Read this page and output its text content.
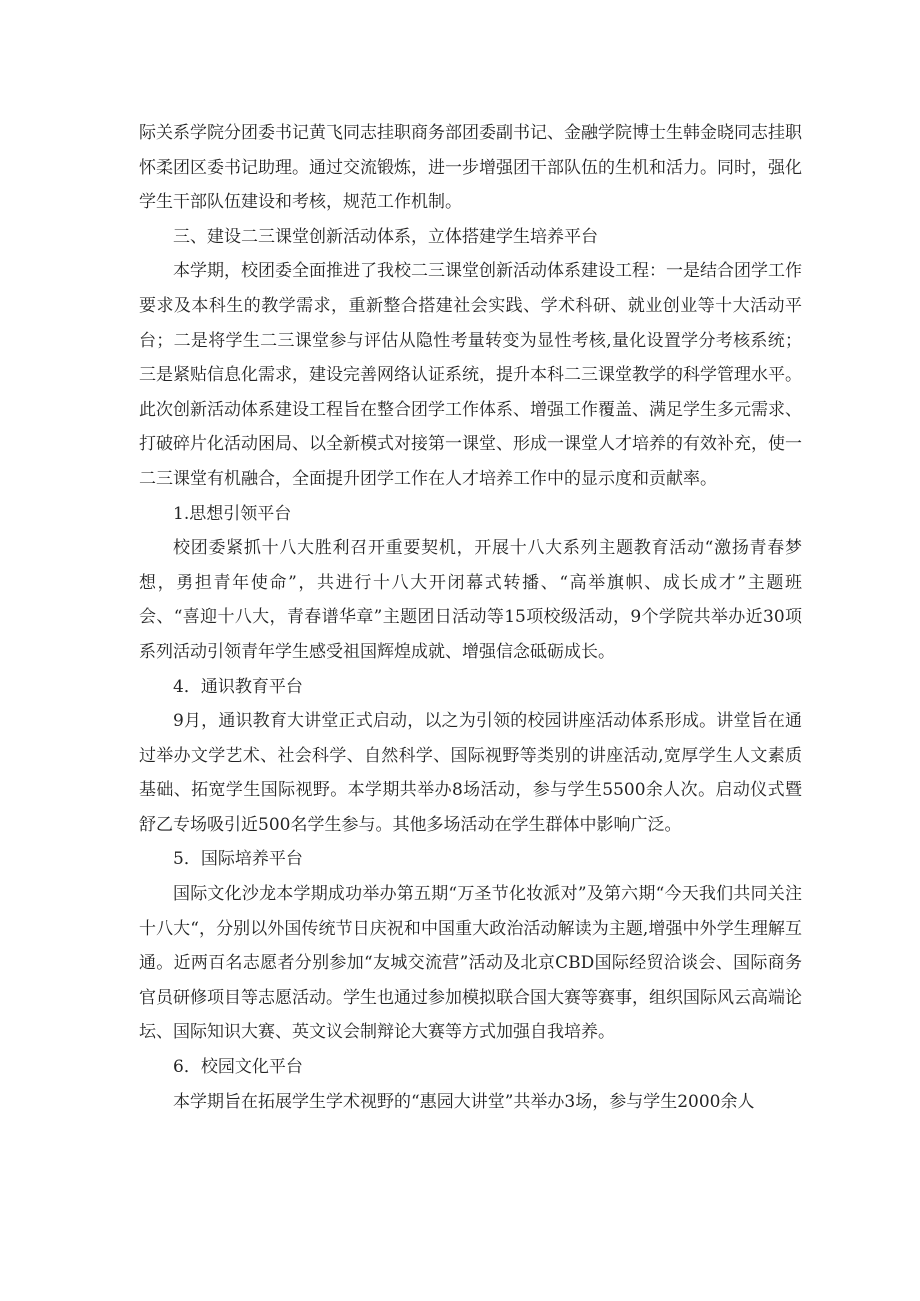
际关系学院分团委书记黄飞同志挂职商务部团委副书记、金融学院博士生韩金晓同志挂职怀柔团区委书记助理。通过交流锻炼，进一步增强团干部队伍的生机和活力。同时，强化学生干部队伍建设和考核，规范工作机制。

三、建设二三课堂创新活动体系，立体搭建学生培养平台

本学期，校团委全面推进了我校二三课堂创新活动体系建设工程：一是结合团学工作要求及本科生的教学需求，重新整合搭建社会实践、学术科研、就业创业等十大活动平台；二是将学生二三课堂参与评估从隐性考量转变为显性考核,量化设置学分考核系统；三是紧贴信息化需求，建设完善网络认证系统，提升本科二三课堂教学的科学管理水平。此次创新活动体系建设工程旨在整合团学工作体系、增强工作覆盖、满足学生多元需求、打破碎片化活动困局、以全新模式对接第一课堂、形成一课堂人才培养的有效补充，使一二三课堂有机融合，全面提升团学工作在人才培养工作中的显示度和贡献率。

1.思想引领平台

校团委紧抓十八大胜利召开重要契机，开展十八大系列主题教育活动“激扬青春梦想，勇担青年使命”，共进行十八大开闭幕式转播、“高举旗帜、成长成才”主题班会、“喜迎十八大，青春谱华章”主题团日活动等15项校级活动，9个学院共举办近30项系列活动引领青年学生感受祖国辉煌成就、增强信念砥砺成长。

4．通识教育平台

9月，通识教育大讲堂正式启动，以之为引领的校园讲座活动体系形成。讲堂旨在通过举办文学艺术、社会科学、自然科学、国际视野等类别的讲座活动,宽厚学生人文素质基础、拓宽学生国际视野。本学期共举办8场活动，参与学生5500余人次。启动仪式暨舒乙专场吸引近500名学生参与。其他多场活动在学生群体中影响广泛。

5．国际培养平台

国际文化沙龙本学期成功举办第五期“万圣节化妆派对”及第六期“今天我们共同关注十八大“，分别以外国传统节日庆祝和中国重大政治活动解读为主题,增强中外学生理解互通。近两百名志愿者分别参加“友城交流营”活动及北京CBD国际经贸洽谈会、国际商务官员研修项目等志愿活动。学生也通过参加模拟联合国大赛等赛事，组织国际风云高端论坛、国际知识大赛、英文议会制辩论大赛等方式加强自我培养。

6．校园文化平台

本学期旨在拓展学生学术视野的“惠园大讲堂”共举办3场，参与学生2000余人
